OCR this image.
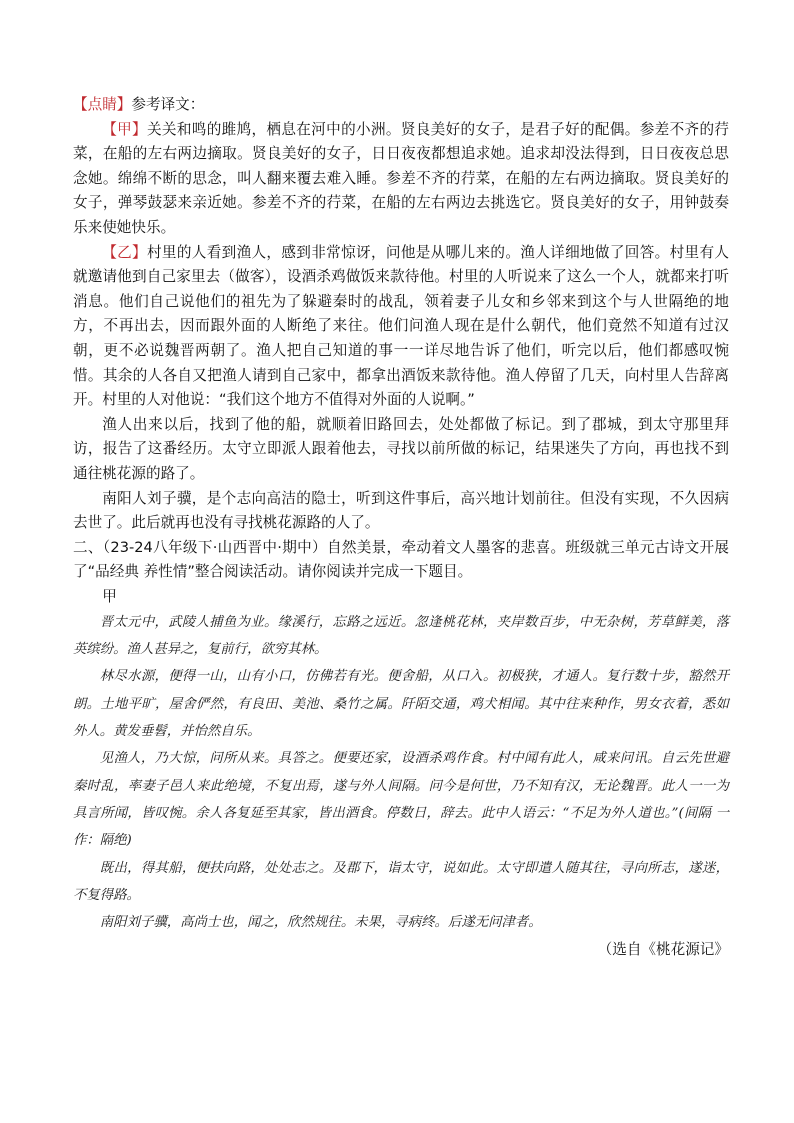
【点睛】参考译文：

【甲】关关和鸣的雎鸠，栖息在河中的小洲。贤良美好的女子，是君子好的配偶。参差不齐的荇菜，在船的左右两边摘取。贤良美好的女子，日日夜夜都想追求她。追求却没法得到，日日夜夜总思念她。绵绵不断的思念，叫人翻来覆去难入睡。参差不齐的荇菜，在船的左右两边摘取。贤良美好的女子，弹琴鼓瑟来亲近她。参差不齐的荇菜，在船的左右两边去挑选它。贤良美好的女子，用钟鼓奏乐来使她快乐。

【乙】村里的人看到渔人，感到非常惊讶，问他是从哪儿来的。渔人详细地做了回答。村里有人就邀请他到自己家里去（做客），设酒杀鸡做饭来款待他。村里的人听说来了这么一个人，就都来打听消息。他们自己说他们的祖先为了躲避秦时的战乱，领着妻子儿女和乡邻来到这个与人世隔绝的地方，不再出去，因而跟外面的人断绝了来往。他们问渔人现在是什么朝代，他们竟然不知道有过汉朝，更不必说魏晋两朝了。渔人把自己知道的事一一详尽地告诉了他们，听完以后，他们都感叹惋惜。其余的人各自又把渔人请到自己家中，都拿出酒饭来款待他。渔人停留了几天，向村里人告辞离开。村里的人对他说：“我们这个地方不值得对外面的人说啊。”

渔人出来以后，找到了他的船，就顺着旧路回去，处处都做了标记。到了郡城，到太守那里拜访，报告了这番经历。太守立即派人跟着他去，寻找以前所做的标记，结果迷失了方向，再也找不到通往桃花源的路了。

南阳人刘子骥，是个志向高洁的隐士，听到这件事后，高兴地计划前往。但没有实现，不久因病去世了。此后就再也没有寻找桃花源路的人了。

二、（23-24八年级下·山西晋中·期中）自然美景，牵动着文人墨客的悲喜。班级就三单元古诗文开展了“品经典 养性情”整合阅读活动。请你阅读并完成一下题目。

甲

晋太元中，武陵人捕鱼为业。缘溪行，忘路之远近。忽逢桃花林，夹岸数百步，中无杂树，芳草鲜美，落英缤纷。渔人甚异之，复前行，欲穷其林。

林尽水源，便得一山，山有小口，仿佛若有光。便舍船，从口入。初极狭，才通人。复行数十步，豁然开朗。土地平旷，屋舍俨然，有良田、美池、桑竹之属。阡陌交通，鸡犬相闻。其中往来种作，男女衣着，悉如外人。黄发垂髫，并怡然自乐。

见渔人，乃大惊，问所从来。具答之。便要还家，设酒杀鸡作食。村中闻有此人，咸来问讯。自云先世避秦时乱，率妻子邑人来此绝境，不复出焉，遂与外人间隔。问今是何世，乃不知有汉，无论魏晋。此人一一为具言所闻，皆叹惋。余人各复延至其家，皆出酒食。停数日，辞去。此中人语云：“不足为外人道也。”(间隔 一作：隔绝)

既出，得其船，便扶向路，处处志之。及郡下，诣太守，说如此。太守即遣人随其往，寻向所志，遂迷，不复得路。

南阳刘子骥，高尚士也，闻之，欣然规往。未果，寻病终。后遂无问津者。

（选自《桃花源记》
